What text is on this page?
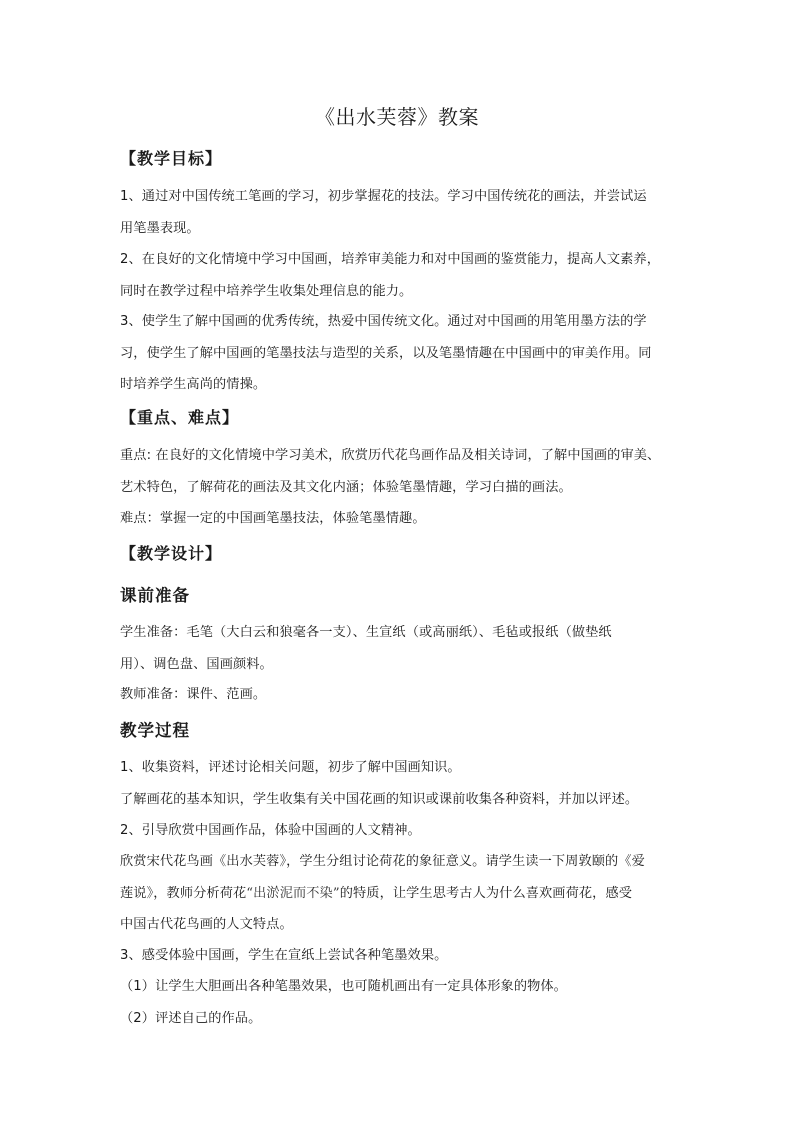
《出水芙蓉》教案
【教学目标】
1、通过对中国传统工笔画的学习，初步掌握花的技法。学习中国传统花的画法，并尝试运
用笔墨表现。
2、在良好的文化情境中学习中国画，培养审美能力和对中国画的鉴赏能力，提高人文素养，
同时在教学过程中培养学生收集处理信息的能力。
3、使学生了解中国画的优秀传统，热爱中国传统文化。通过对中国画的用笔用墨方法的学
习，使学生了解中国画的笔墨技法与造型的关系，以及笔墨情趣在中国画中的审美作用。同
时培养学生高尚的情操。
【重点、难点】
重点: 在良好的文化情境中学习美术，欣赏历代花鸟画作品及相关诗词，了解中国画的审美、
艺术特色，了解荷花的画法及其文化内涵；体验笔墨情趣，学习白描的画法。
难点：掌握一定的中国画笔墨技法，体验笔墨情趣。
【教学设计】
课前准备
学生准备：毛笔（大白云和狼毫各一支）、生宣纸（或高丽纸）、毛毡或报纸（做垫纸
用）、调色盘、国画颜料。
教师准备：课件、范画。
教学过程
1、收集资料，评述讨论相关问题，初步了解中国画知识。
了解画花的基本知识，学生收集有关中国花画的知识或课前收集各种资料，并加以评述。
2、引导欣赏中国画作品，体验中国画的人文精神。
欣赏宋代花鸟画《出水芙蓉》，学生分组讨论荷花的象征意义。请学生读一下周敦颐的《爱
莲说》，教师分析荷花“出淤泥而不染”的特质，让学生思考古人为什么喜欢画荷花，感受
中国古代花鸟画的人文特点。
3、感受体验中国画，学生在宣纸上尝试各种笔墨效果。
（1）让学生大胆画出各种笔墨效果，也可随机画出有一定具体形象的物体。
（2）评述自己的作品。
